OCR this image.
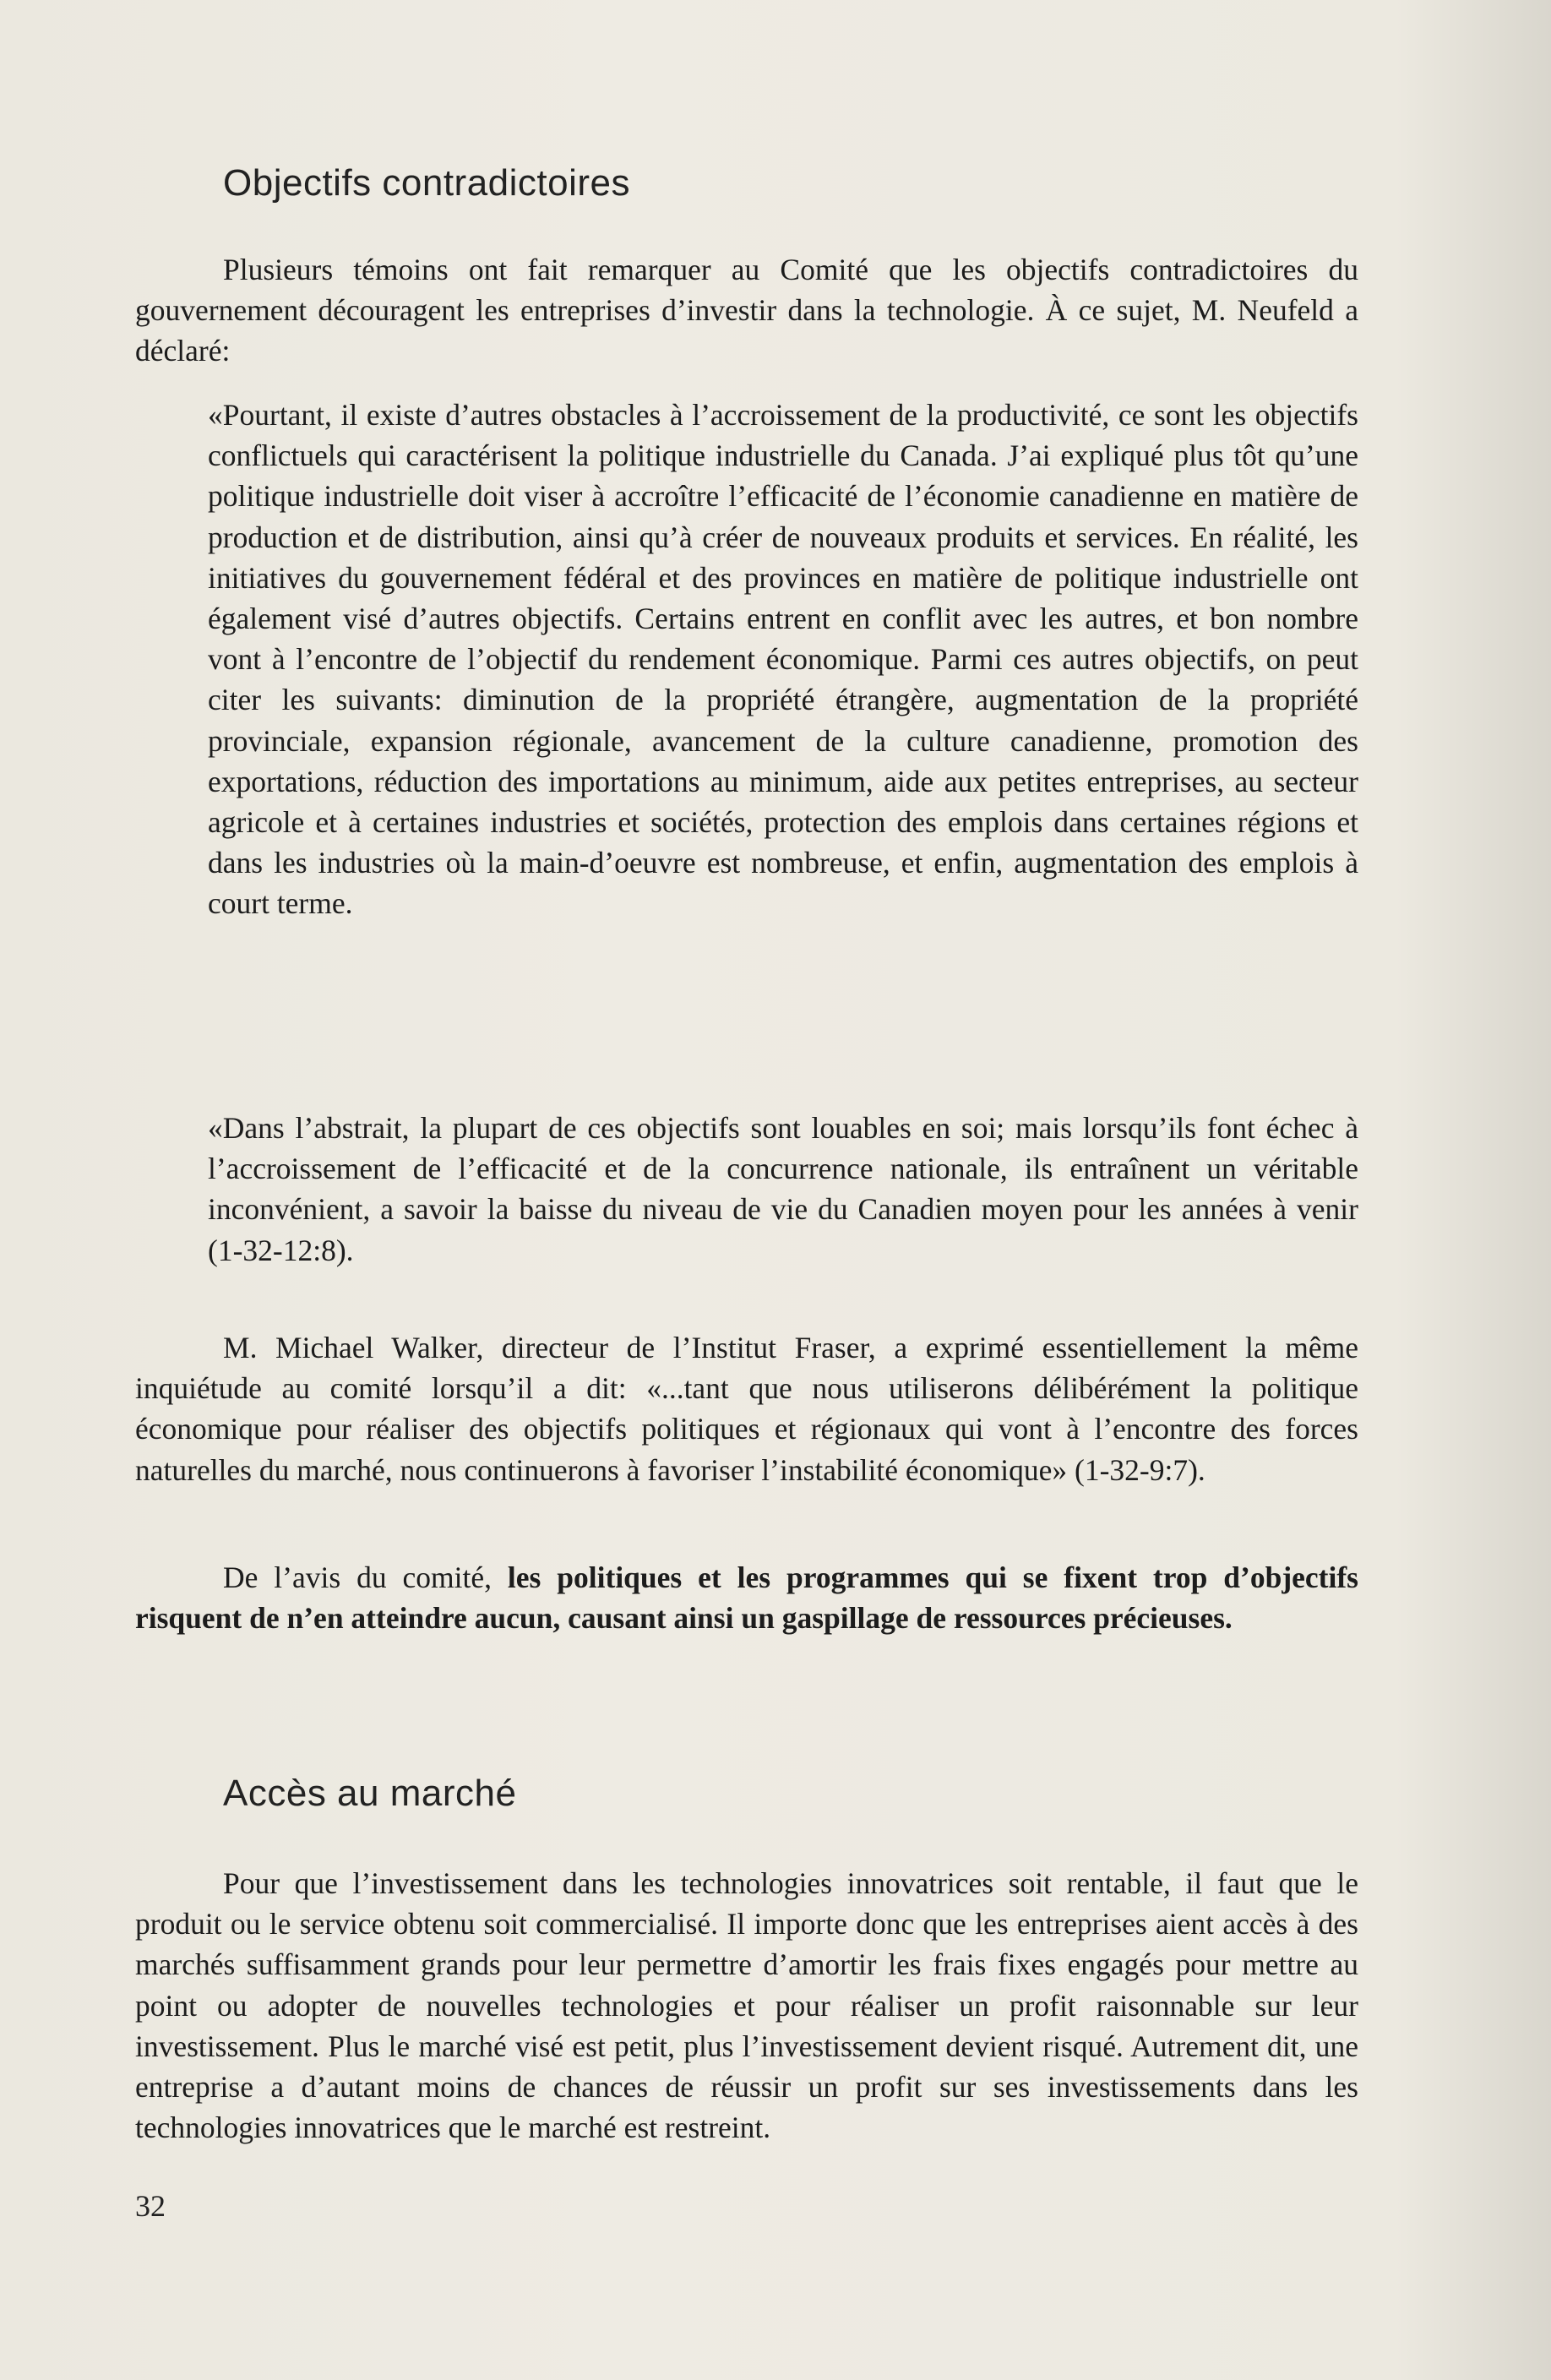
Objectifs contradictoires
Plusieurs témoins ont fait remarquer au Comité que les objectifs contradictoires du gouvernement découragent les entreprises d’investir dans la technologie. À ce sujet, M. Neufeld a déclaré:
«Pourtant, il existe d’autres obstacles à l’accroissement de la productivité, ce sont les objectifs conflictuels qui caractérisent la politique industrielle du Canada. J’ai expliqué plus tôt qu’une politique industrielle doit viser à accroître l’efficacité de l’économie canadienne en matière de production et de distribution, ainsi qu’à créer de nouveaux produits et services. En réalité, les initiatives du gouvernement fédéral et des provinces en matière de politique industrielle ont également visé d’autres objectifs. Certains entrent en conflit avec les autres, et bon nombre vont à l’encontre de l’objectif du rendement économique. Parmi ces autres objectifs, on peut citer les suivants: diminution de la propriété étrangère, augmentation de la propriété provinciale, expansion régionale, avancement de la culture canadienne, promotion des exportations, réduction des importations au minimum, aide aux petites entreprises, au secteur agricole et à certaines industries et sociétés, protection des emplois dans certaines régions et dans les industries où la main-d’oeuvre est nombreuse, et enfin, augmentation des emplois à court terme.
«Dans l’abstrait, la plupart de ces objectifs sont louables en soi; mais lorsqu’ils font échec à l’accroissement de l’efficacité et de la concurrence nationale, ils entraînent un véritable inconvénient, a savoir la baisse du niveau de vie du Canadien moyen pour les années à venir (1-32-12:8).
M. Michael Walker, directeur de l’Institut Fraser, a exprimé essentiellement la même inquiétude au comité lorsqu’il a dit: «...tant que nous utiliserons délibérément la politique économique pour réaliser des objectifs politiques et régionaux qui vont à l’encontre des forces naturelles du marché, nous continuerons à favoriser l’instabilité économique» (1-32-9:7).
De l’avis du comité, les politiques et les programmes qui se fixent trop d’objectifs risquent de n’en atteindre aucun, causant ainsi un gaspillage de ressources précieuses.
Accès au marché
Pour que l’investissement dans les technologies innovatrices soit rentable, il faut que le produit ou le service obtenu soit commercialisé. Il importe donc que les entreprises aient accès à des marchés suffisamment grands pour leur permettre d’amortir les frais fixes engagés pour mettre au point ou adopter de nouvelles technologies et pour réaliser un profit raisonnable sur leur investissement. Plus le marché visé est petit, plus l’investissement devient risqué. Autrement dit, une entreprise a d’autant moins de chances de réussir un profit sur ses investissements dans les technologies innovatrices que le marché est restreint.
32
